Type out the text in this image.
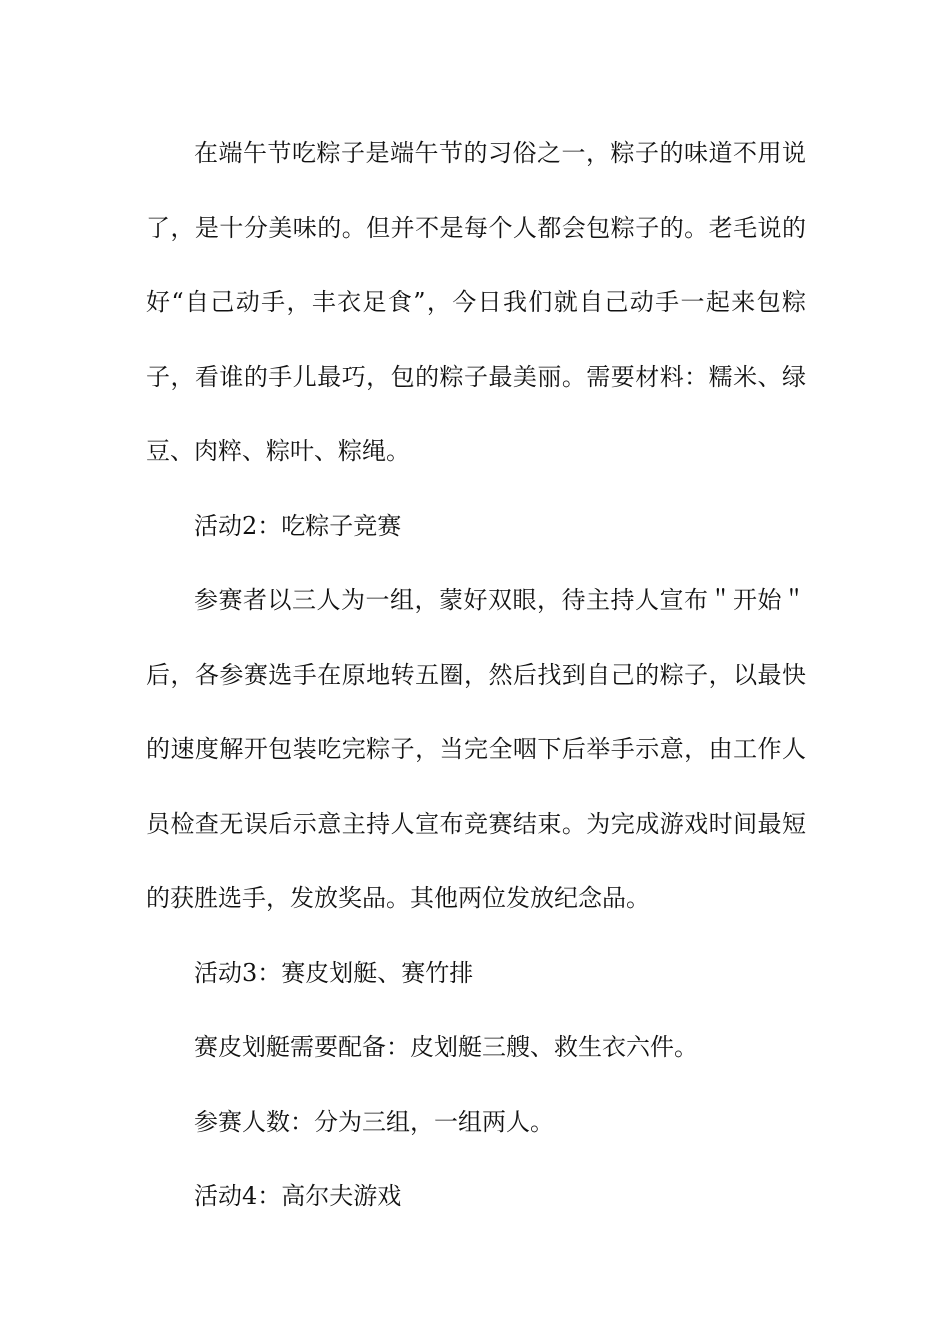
在端午节吃粽子是端午节的习俗之一，粽子的味道不用说了，是十分美味的。但并不是每个人都会包粽子的。老毛说的好“自己动手，丰衣足食”，今日我们就自己动手一起来包粽子，看谁的手儿最巧，包的粽子最美丽。需要材料：糯米、绿豆、肉粹、粽叶、粽绳。

活动2：吃粽子竞赛

参赛者以三人为一组，蒙好双眼，待主持人宣布＂开始＂后，各参赛选手在原地转五圈，然后找到自己的粽子，以最快的速度解开包装吃完粽子，当完全咽下后举手示意，由工作人员检查无误后示意主持人宣布竞赛结束。为完成游戏时间最短的获胜选手，发放奖品。其他两位发放纪念品。

活动3：赛皮划艇、赛竹排

赛皮划艇需要配备：皮划艇三艘、救生衣六件。

参赛人数：分为三组，一组两人。

活动4：高尔夫游戏
